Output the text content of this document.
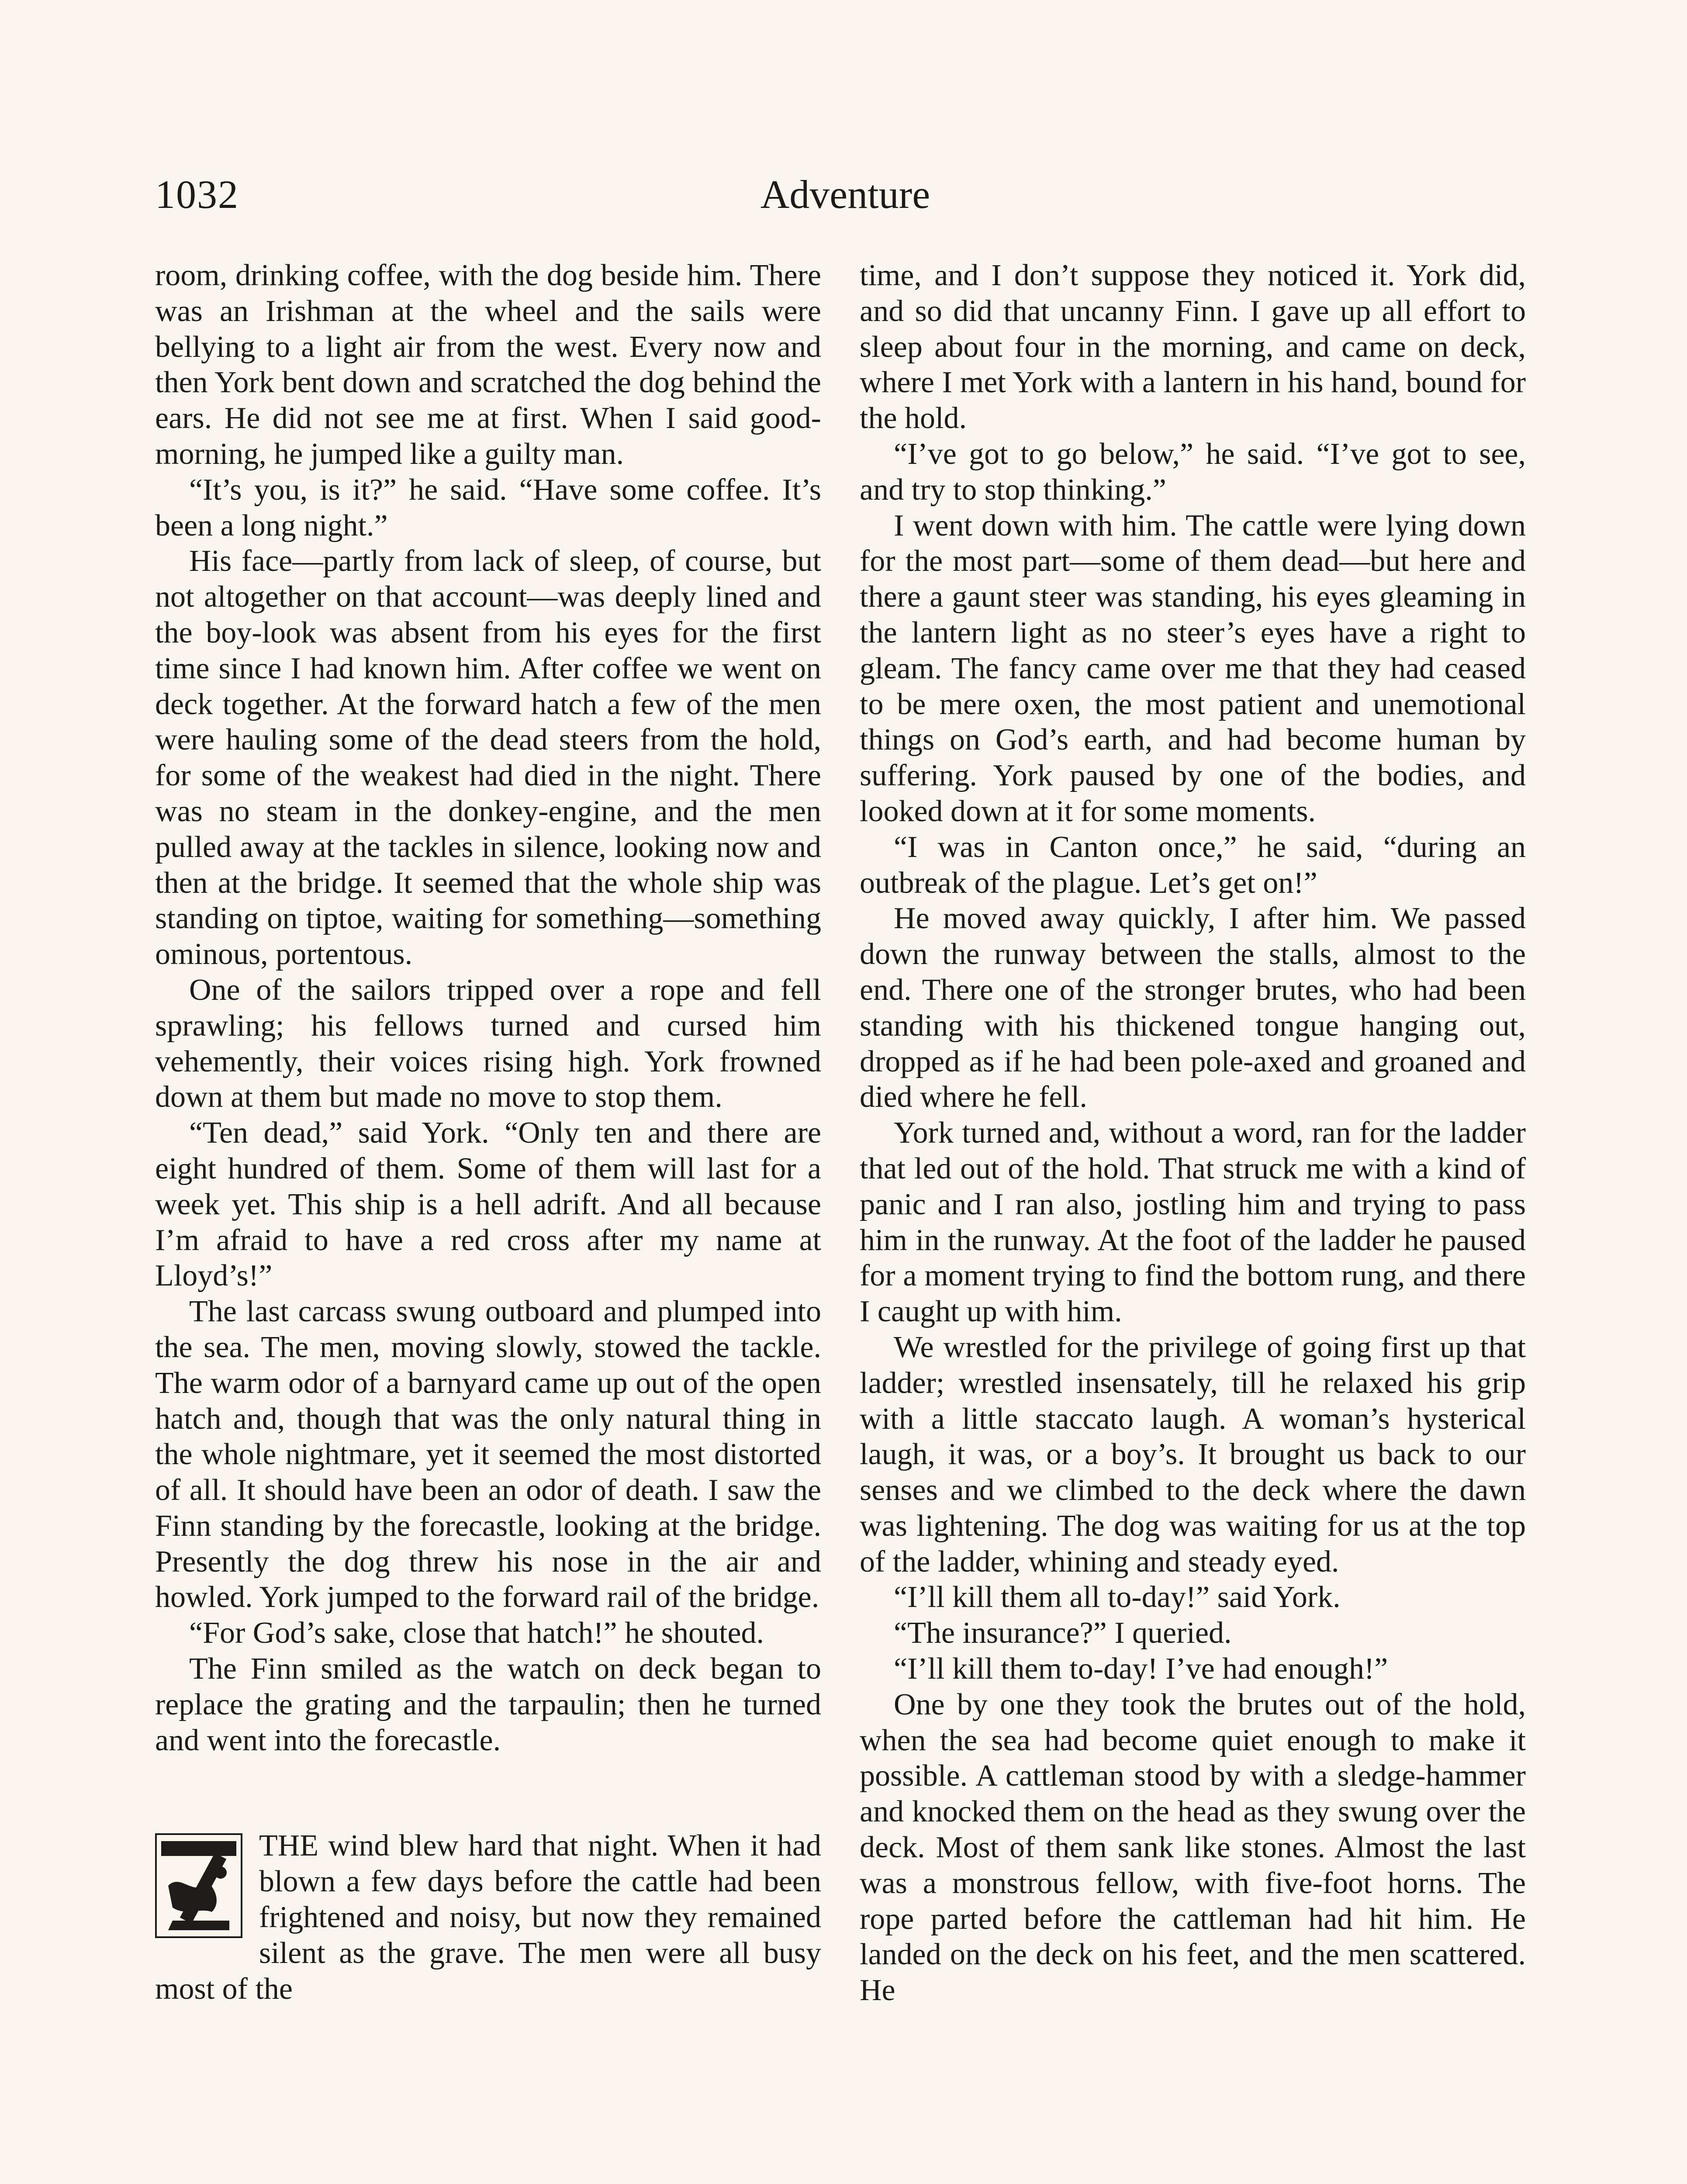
1032	Adventure

room, drinking coffee, with the dog beside him. There was an Irishman at the wheel and the sails were bellying to a light air from the west. Every now and then York bent down and scratched the dog behind the ears. He did not see me at first. When I said good-morning, he jumped like a guilty man.

“It’s you, is it?” he said. “Have some coffee. It’s been a long night.”

His face—partly from lack of sleep, of course, but not altogether on that account—was deeply lined and the boy-look was absent from his eyes for the first time since I had known him. After coffee we went on deck together. At the forward hatch a few of the men were hauling some of the dead steers from the hold, for some of the weakest had died in the night. There was no steam in the donkey-engine, and the men pulled away at the tackles in silence, looking now and then at the bridge. It seemed that the whole ship was standing on tiptoe, waiting for something—something ominous, portentous.

One of the sailors tripped over a rope and fell sprawling; his fellows turned and cursed him vehemently, their voices rising high. York frowned down at them but made no move to stop them.

“Ten dead,” said York. “Only ten and there are eight hundred of them. Some of them will last for a week yet. This ship is a hell adrift. And all because I’m afraid to have a red cross after my name at Lloyd’s!”

The last carcass swung outboard and plumped into the sea. The men, moving slowly, stowed the tackle. The warm odor of a barnyard came up out of the open hatch and, though that was the only natural thing in the whole nightmare, yet it seemed the most distorted of all. It should have been an odor of death. I saw the Finn standing by the forecastle, looking at the bridge. Presently the dog threw his nose in the air and howled. York jumped to the forward rail of the bridge.

“For God’s sake, close that hatch!” he shouted.

The Finn smiled as the watch on deck began to replace the grating and the tarpaulin; then he turned and went into the forecastle.

THE wind blew hard that night. When it had blown a few days before the cattle had been frightened and noisy, but now they remained silent as the grave. The men were all busy most of the

time, and I don’t suppose they noticed it. York did, and so did that uncanny Finn. I gave up all effort to sleep about four in the morning, and came on deck, where I met York with a lantern in his hand, bound for the hold.

“I’ve got to go below,” he said. “I’ve got to see, and try to stop thinking.”

I went down with him. The cattle were lying down for the most part—some of them dead—but here and there a gaunt steer was standing, his eyes gleaming in the lantern light as no steer’s eyes have a right to gleam. The fancy came over me that they had ceased to be mere oxen, the most patient and unemotional things on God’s earth, and had become human by suffering. York paused by one of the bodies, and looked down at it for some moments.

“I was in Canton once,” he said, “during an outbreak of the plague. Let’s get on!”

He moved away quickly, I after him. We passed down the runway between the stalls, almost to the end. There one of the stronger brutes, who had been standing with his thickened tongue hanging out, dropped as if he had been pole-axed and groaned and died where he fell.

York turned and, without a word, ran for the ladder that led out of the hold. That struck me with a kind of panic and I ran also, jostling him and trying to pass him in the runway. At the foot of the ladder he paused for a moment trying to find the bottom rung, and there I caught up with him.

We wrestled for the privilege of going first up that ladder; wrestled insensately, till he relaxed his grip with a little staccato laugh. A woman’s hysterical laugh, it was, or a boy’s. It brought us back to our senses and we climbed to the deck where the dawn was lightening. The dog was waiting for us at the top of the ladder, whining and steady eyed.

“I’ll kill them all to-day!” said York.

“The insurance?” I queried.

“I’ll kill them to-day! I’ve had enough!”

One by one they took the brutes out of the hold, when the sea had become quiet enough to make it possible. A cattleman stood by with a sledge-hammer and knocked them on the head as they swung over the deck. Most of them sank like stones. Almost the last was a monstrous fellow, with five-foot horns. The rope parted before the cattleman had hit him. He landed on the deck on his feet, and the men scattered. He
